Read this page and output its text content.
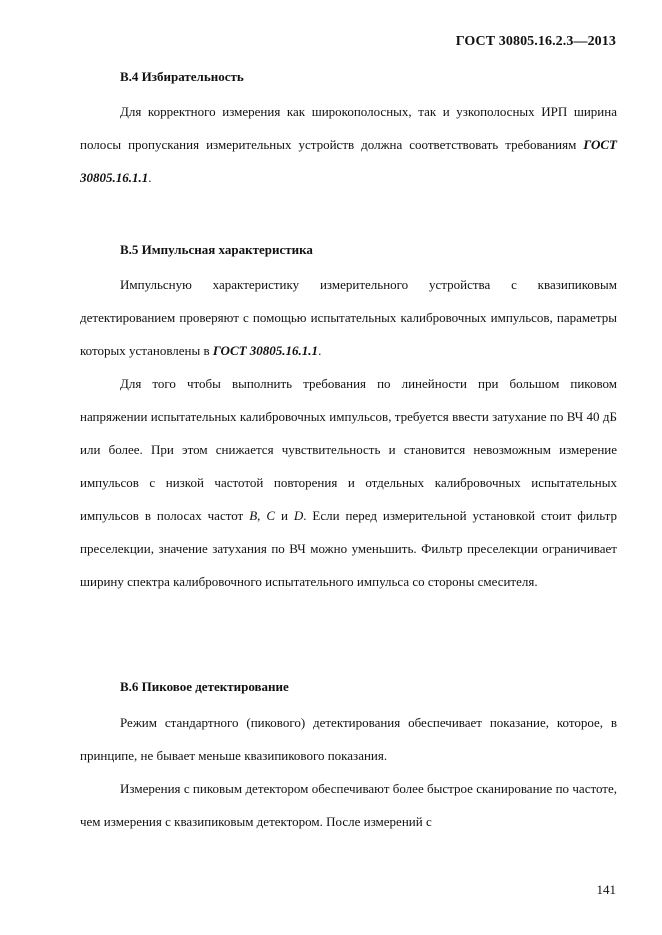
ГОСТ 30805.16.2.3—2013
В.4 Избирательность

Для корректного измерения как широкополосных, так и узкополосных ИРП ширина полосы пропускания измерительных устройств должна соответствовать требованиям ГОСТ 30805.16.1.1.

В.5 Импульсная характеристика

Импульсную характеристику измерительного устройства с квазипиковым детектированием проверяют с помощью испытательных калибровочных импульсов, параметры которых установлены в ГОСТ 30805.16.1.1.

Для того чтобы выполнить требования по линейности при большом пиковом напряжении испытательных калибровочных импульсов, требуется ввести затухание по ВЧ 40 дБ или более. При этом снижается чувствительность и становится невозможным измерение импульсов с низкой частотой повторения и отдельных калибровочных испытательных импульсов в полосах частот B, C и D. Если перед измерительной установкой стоит фильтр преселекции, значение затухания по ВЧ можно уменьшить. Фильтр преселекции ограничивает ширину спектра калибровочного испытательного импульса со стороны смесителя.

В.6 Пиковое детектирование

Режим стандартного (пикового) детектирования обеспечивает показание, которое, в принципе, не бывает меньше квазипикового показания.

Измерения с пиковым детектором обеспечивают более быстрое сканирование по частоте, чем измерения с квазипиковым детектором. После измерений с

141
